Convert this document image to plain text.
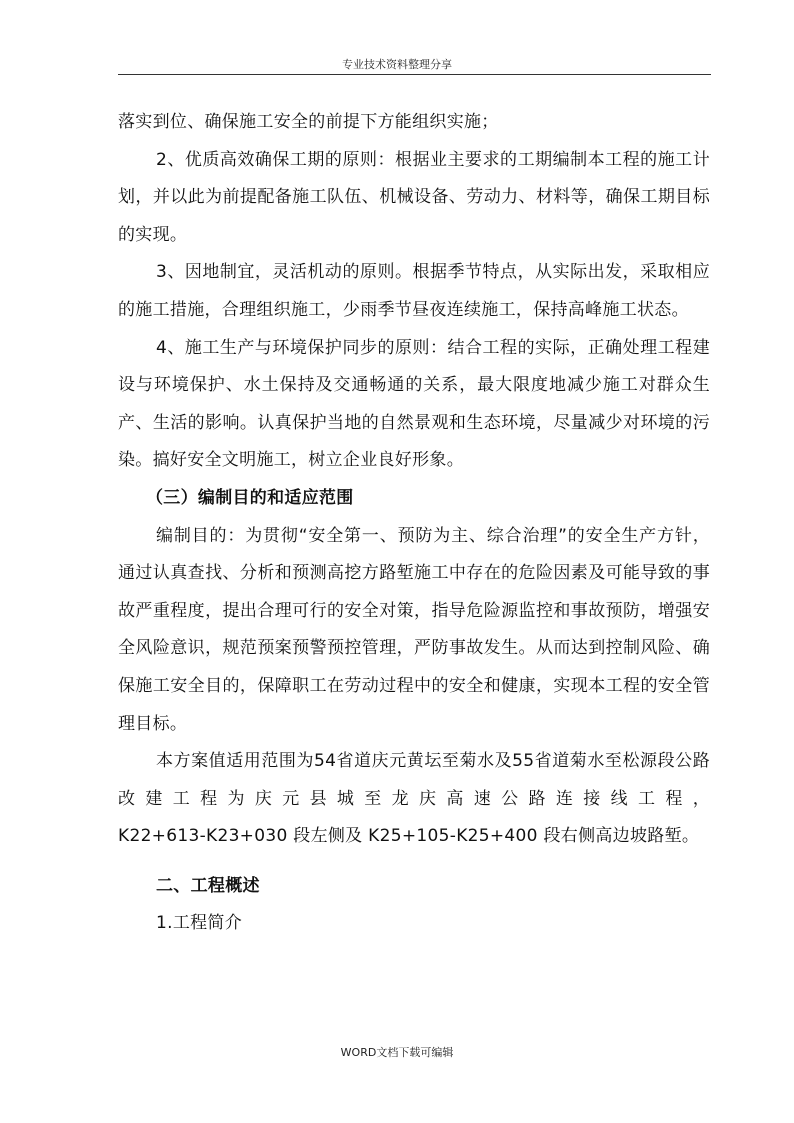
专业技术资料整理分享

落实到位、确保施工安全的前提下方能组织实施；

2、优质高效确保工期的原则：根据业主要求的工期编制本工程的施工计划，并以此为前提配备施工队伍、机械设备、劳动力、材料等，确保工期目标的实现。

3、因地制宜，灵活机动的原则。根据季节特点，从实际出发，采取相应的施工措施，合理组织施工，少雨季节昼夜连续施工，保持高峰施工状态。

4、施工生产与环境保护同步的原则：结合工程的实际，正确处理工程建设与环境保护、水土保持及交通畅通的关系，最大限度地减少施工对群众生产、生活的影响。认真保护当地的自然景观和生态环境，尽量减少对环境的污染。搞好安全文明施工，树立企业良好形象。

（三）编制目的和适应范围

编制目的：为贯彻“安全第一、预防为主、综合治理”的安全生产方针，通过认真查找、分析和预测高挖方路堑施工中存在的危险因素及可能导致的事故严重程度，提出合理可行的安全对策，指导危险源监控和事故预防，增强安全风险意识，规范预案预警预控管理，严防事故发生。从而达到控制风险、确保施工安全目的，保障职工在劳动过程中的安全和健康，实现本工程的安全管理目标。

本方案值适用范围为54省道庆元黄坛至菊水及55省道菊水至松源段公路改建工程为庆元县城至龙庆高速公路连接线工程，

K22+613-K23+030 段左侧及 K25+105-K25+400 段右侧高边坡路堑。

二、工程概述

1.工程简介

WORD文档下载可编辑
